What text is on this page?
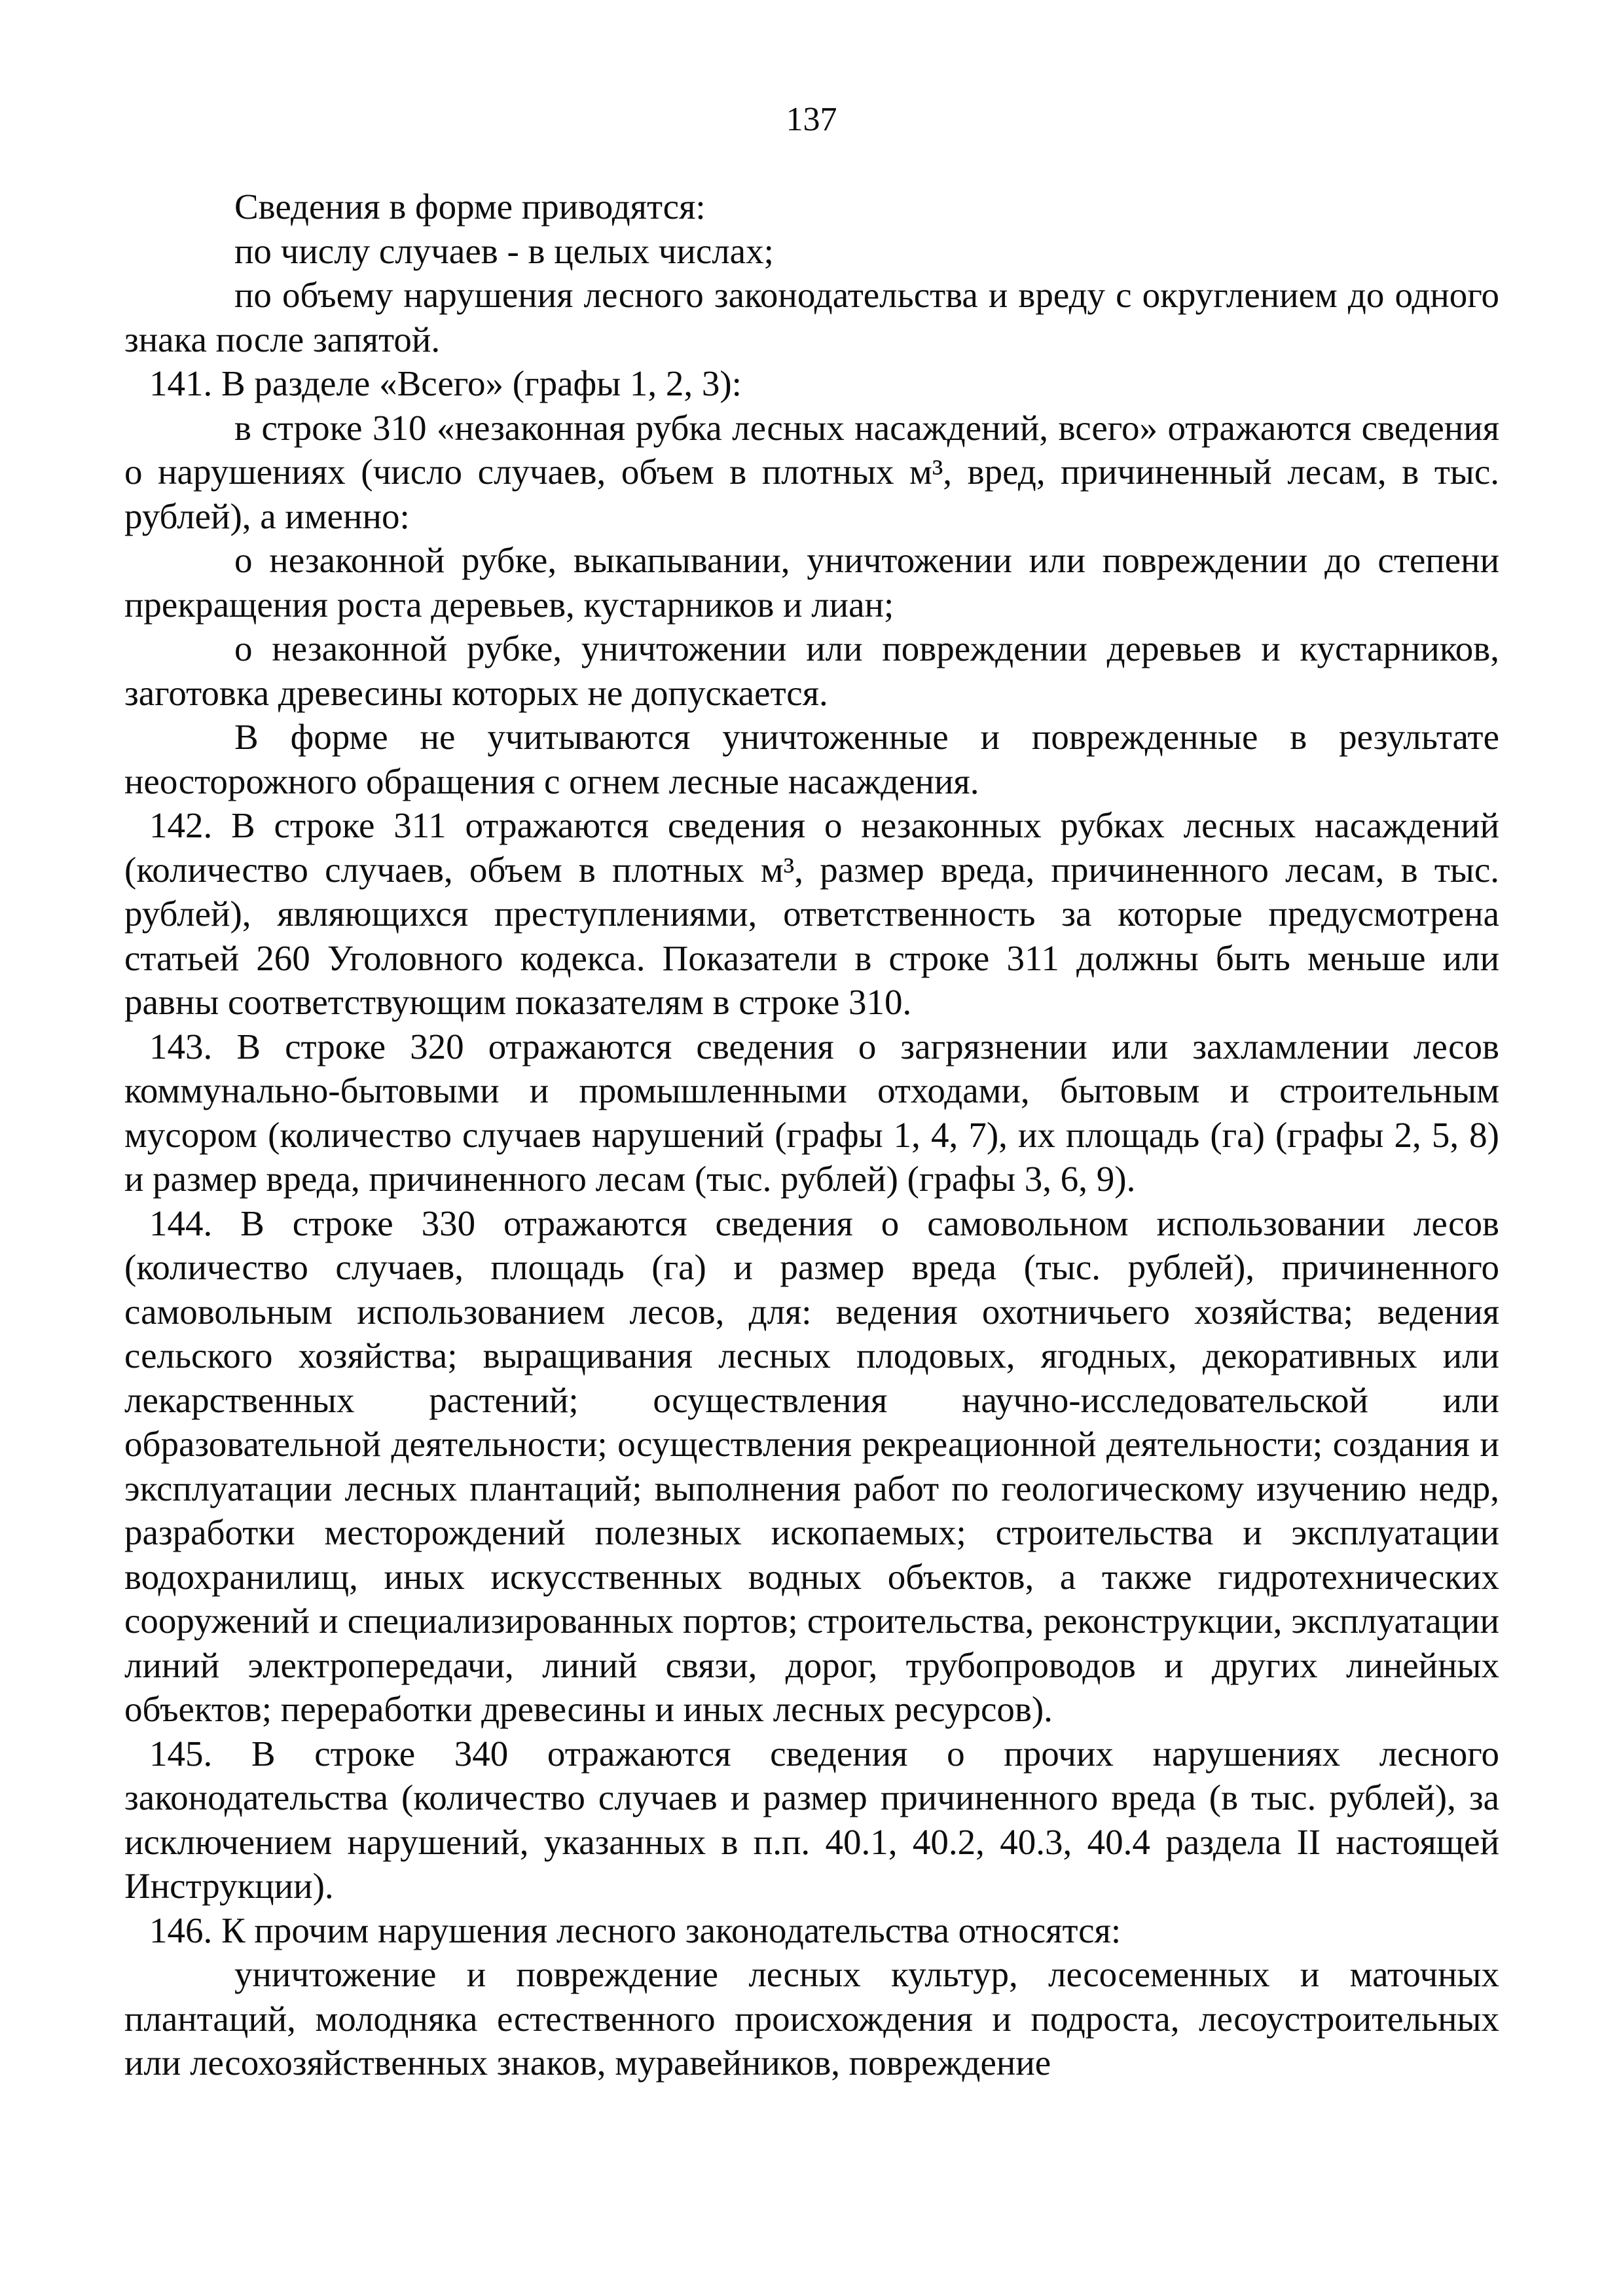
137

Сведения в форме приводятся:

по числу случаев - в целых числах;

по объему нарушения лесного законодательства и вреду с округлением до одного знака после запятой.

141. В разделе «Всего» (графы 1, 2, 3):

в строке 310 «незаконная рубка лесных насаждений, всего» отражаются сведения о нарушениях (число случаев, объем в плотных м³, вред, причиненный лесам, в тыс. рублей), а именно:

о незаконной рубке, выкапывании, уничтожении или повреждении до степени прекращения роста деревьев, кустарников и лиан;

о незаконной рубке, уничтожении или повреждении деревьев и кустарников, заготовка древесины которых не допускается.

В форме не учитываются уничтоженные и поврежденные в результате неосторожного обращения с огнем лесные насаждения.

142. В строке 311 отражаются сведения о незаконных рубках лесных насаждений (количество случаев, объем в плотных м³, размер вреда, причиненного лесам, в тыс. рублей), являющихся преступлениями, ответственность за которые предусмотрена статьей 260 Уголовного кодекса. Показатели в строке 311 должны быть меньше или равны соответствующим показателям в строке 310.

143. В строке 320 отражаются сведения о загрязнении или захламлении лесов коммунально-бытовыми и промышленными отходами, бытовым и строительным мусором (количество случаев нарушений (графы 1, 4, 7), их площадь (га) (графы 2, 5, 8) и размер вреда, причиненного лесам (тыс. рублей) (графы 3, 6, 9).

144. В строке 330 отражаются сведения о самовольном использовании лесов (количество случаев, площадь (га) и размер вреда (тыс. рублей), причиненного самовольным использованием лесов, для: ведения охотничьего хозяйства; ведения сельского хозяйства; выращивания лесных плодовых, ягодных, декоративных или лекарственных растений; осуществления научно-исследовательской или образовательной деятельности; осуществления рекреационной деятельности; создания и эксплуатации лесных плантаций; выполнения работ по геологическому изучению недр, разработки месторождений полезных ископаемых; строительства и эксплуатации водохранилищ, иных искусственных водных объектов, а также гидротехнических сооружений и специализированных портов; строительства, реконструкции, эксплуатации линий электропередачи, линий связи, дорог, трубопроводов и других линейных объектов; переработки древесины и иных лесных ресурсов).

145. В строке 340 отражаются сведения о прочих нарушениях лесного законодательства (количество случаев и размер причиненного вреда (в тыс. рублей), за исключением нарушений, указанных в п.п. 40.1, 40.2, 40.3, 40.4 раздела II настоящей Инструкции).

146. К прочим нарушения лесного законодательства относятся:

уничтожение и повреждение лесных культур, лесосеменных и маточных плантаций, молодняка естественного происхождения и подроста, лесоустроительных или лесохозяйственных знаков, муравейников, повреждение
